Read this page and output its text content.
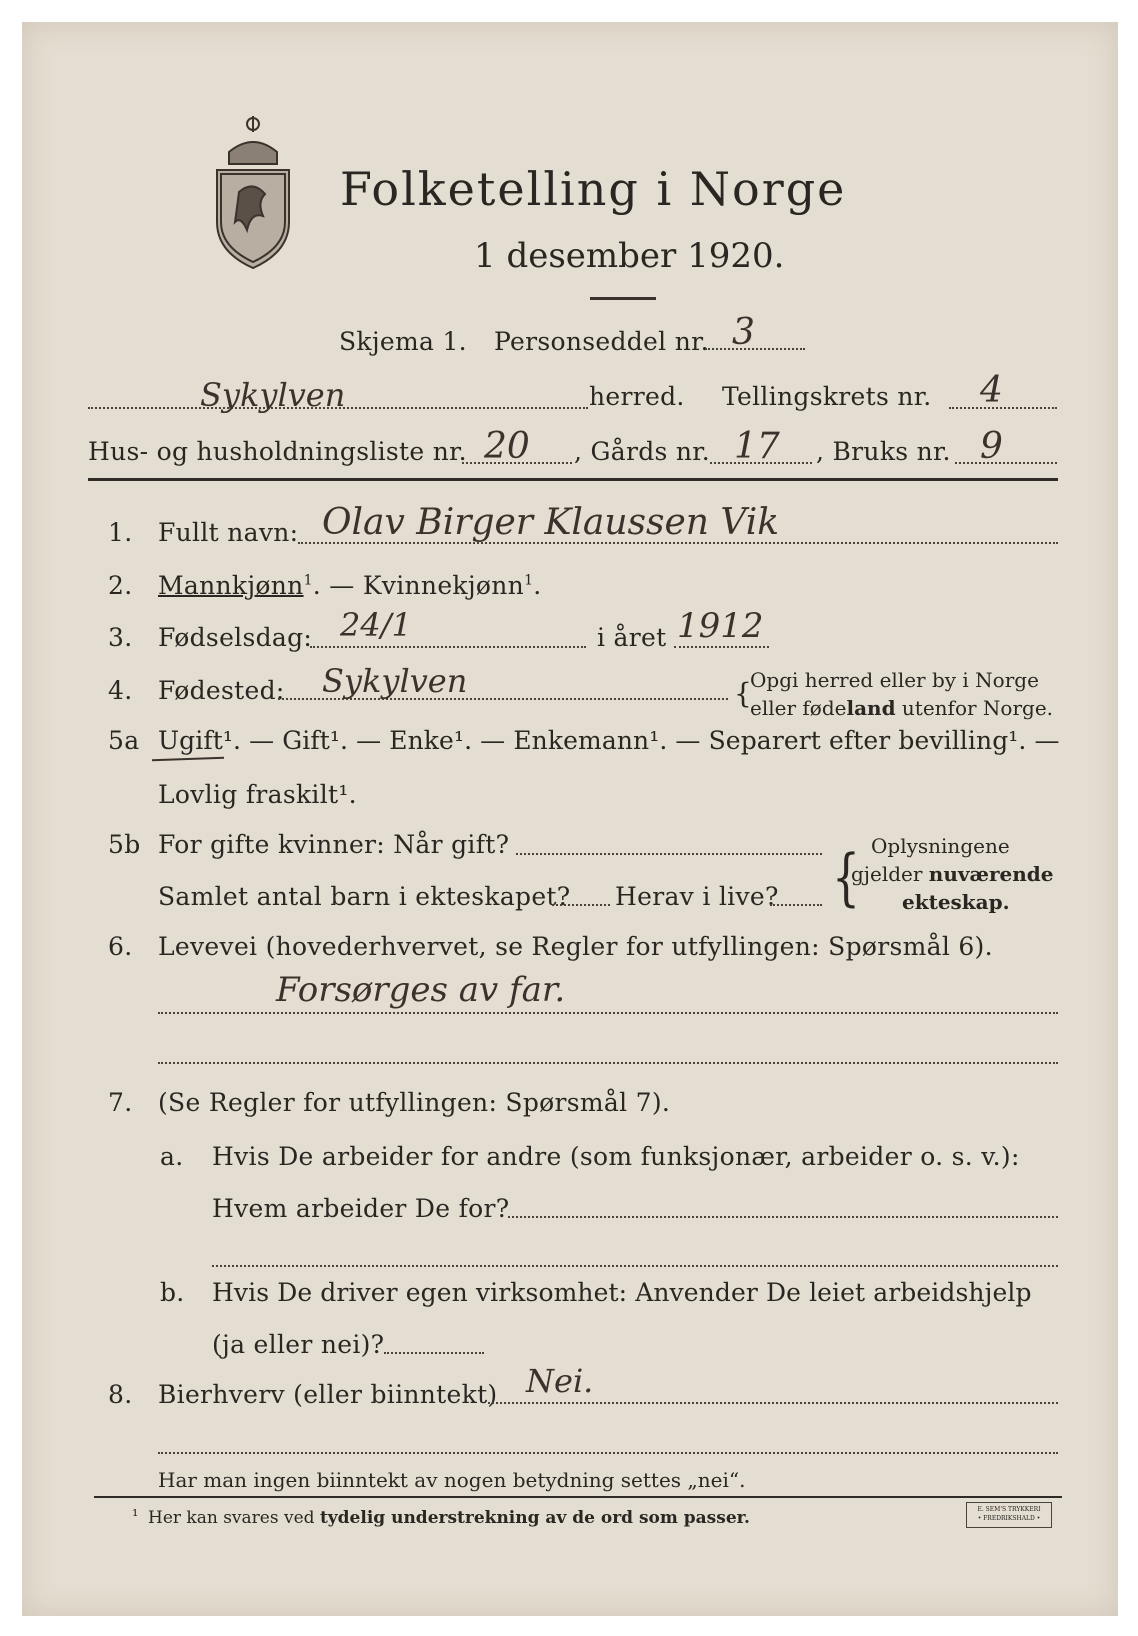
Folketelling i Norge
1 desember 1920.
Skjema 1. Personseddel nr. 3
Sykylven	herred. Tellingskrets nr. 4
Hus- og husholdningsliste nr. 20 , Gårds nr. 17 , Bruks nr. 9
1. Fullt navn: Olav Birger Klaussen Vik
2. Mannkjønn$^1$. — Kvinnekjønn$^1$.
3. Fødselsdag: 24/1	i året 1912
4. Fødested: Sykylven	{
Opgi herred eller by i Norge
eller fødeland utenfor Norge.
5a Ugift¹. — Gift¹. — Enke¹. — Enkemann¹. — Separert efter bevilling¹. —
Lovlig fraskilt¹.
5b For gifte kvinner: Når gift?
Samlet antal barn i ekteskapet? Herav i live? { Oplysningene
gjelder nuværende
ekteskap.
6. Levevei (hovederhvervet, se Regler for utfyllingen: Spørsmål 6).
Forsørges av far.
7. (Se Regler for utfyllingen: Spørsmål 7).
a. Hvis De arbeider for andre (som funksjonær, arbeider o. s. v.):
Hvem arbeider De for?
b. Hvis De driver egen virksomhet: Anvender De leiet arbeidshjelp
(ja eller nei)?
8. Bierhverv (eller biinntekt) Nei.
Har man ingen biinntekt av nogen betydning settes „nei“.
¹ Her kan svares ved tydelig understrekning av de ord som passer.	E. SEM'S TRYKKERI
• FREDRIKSHALD •
